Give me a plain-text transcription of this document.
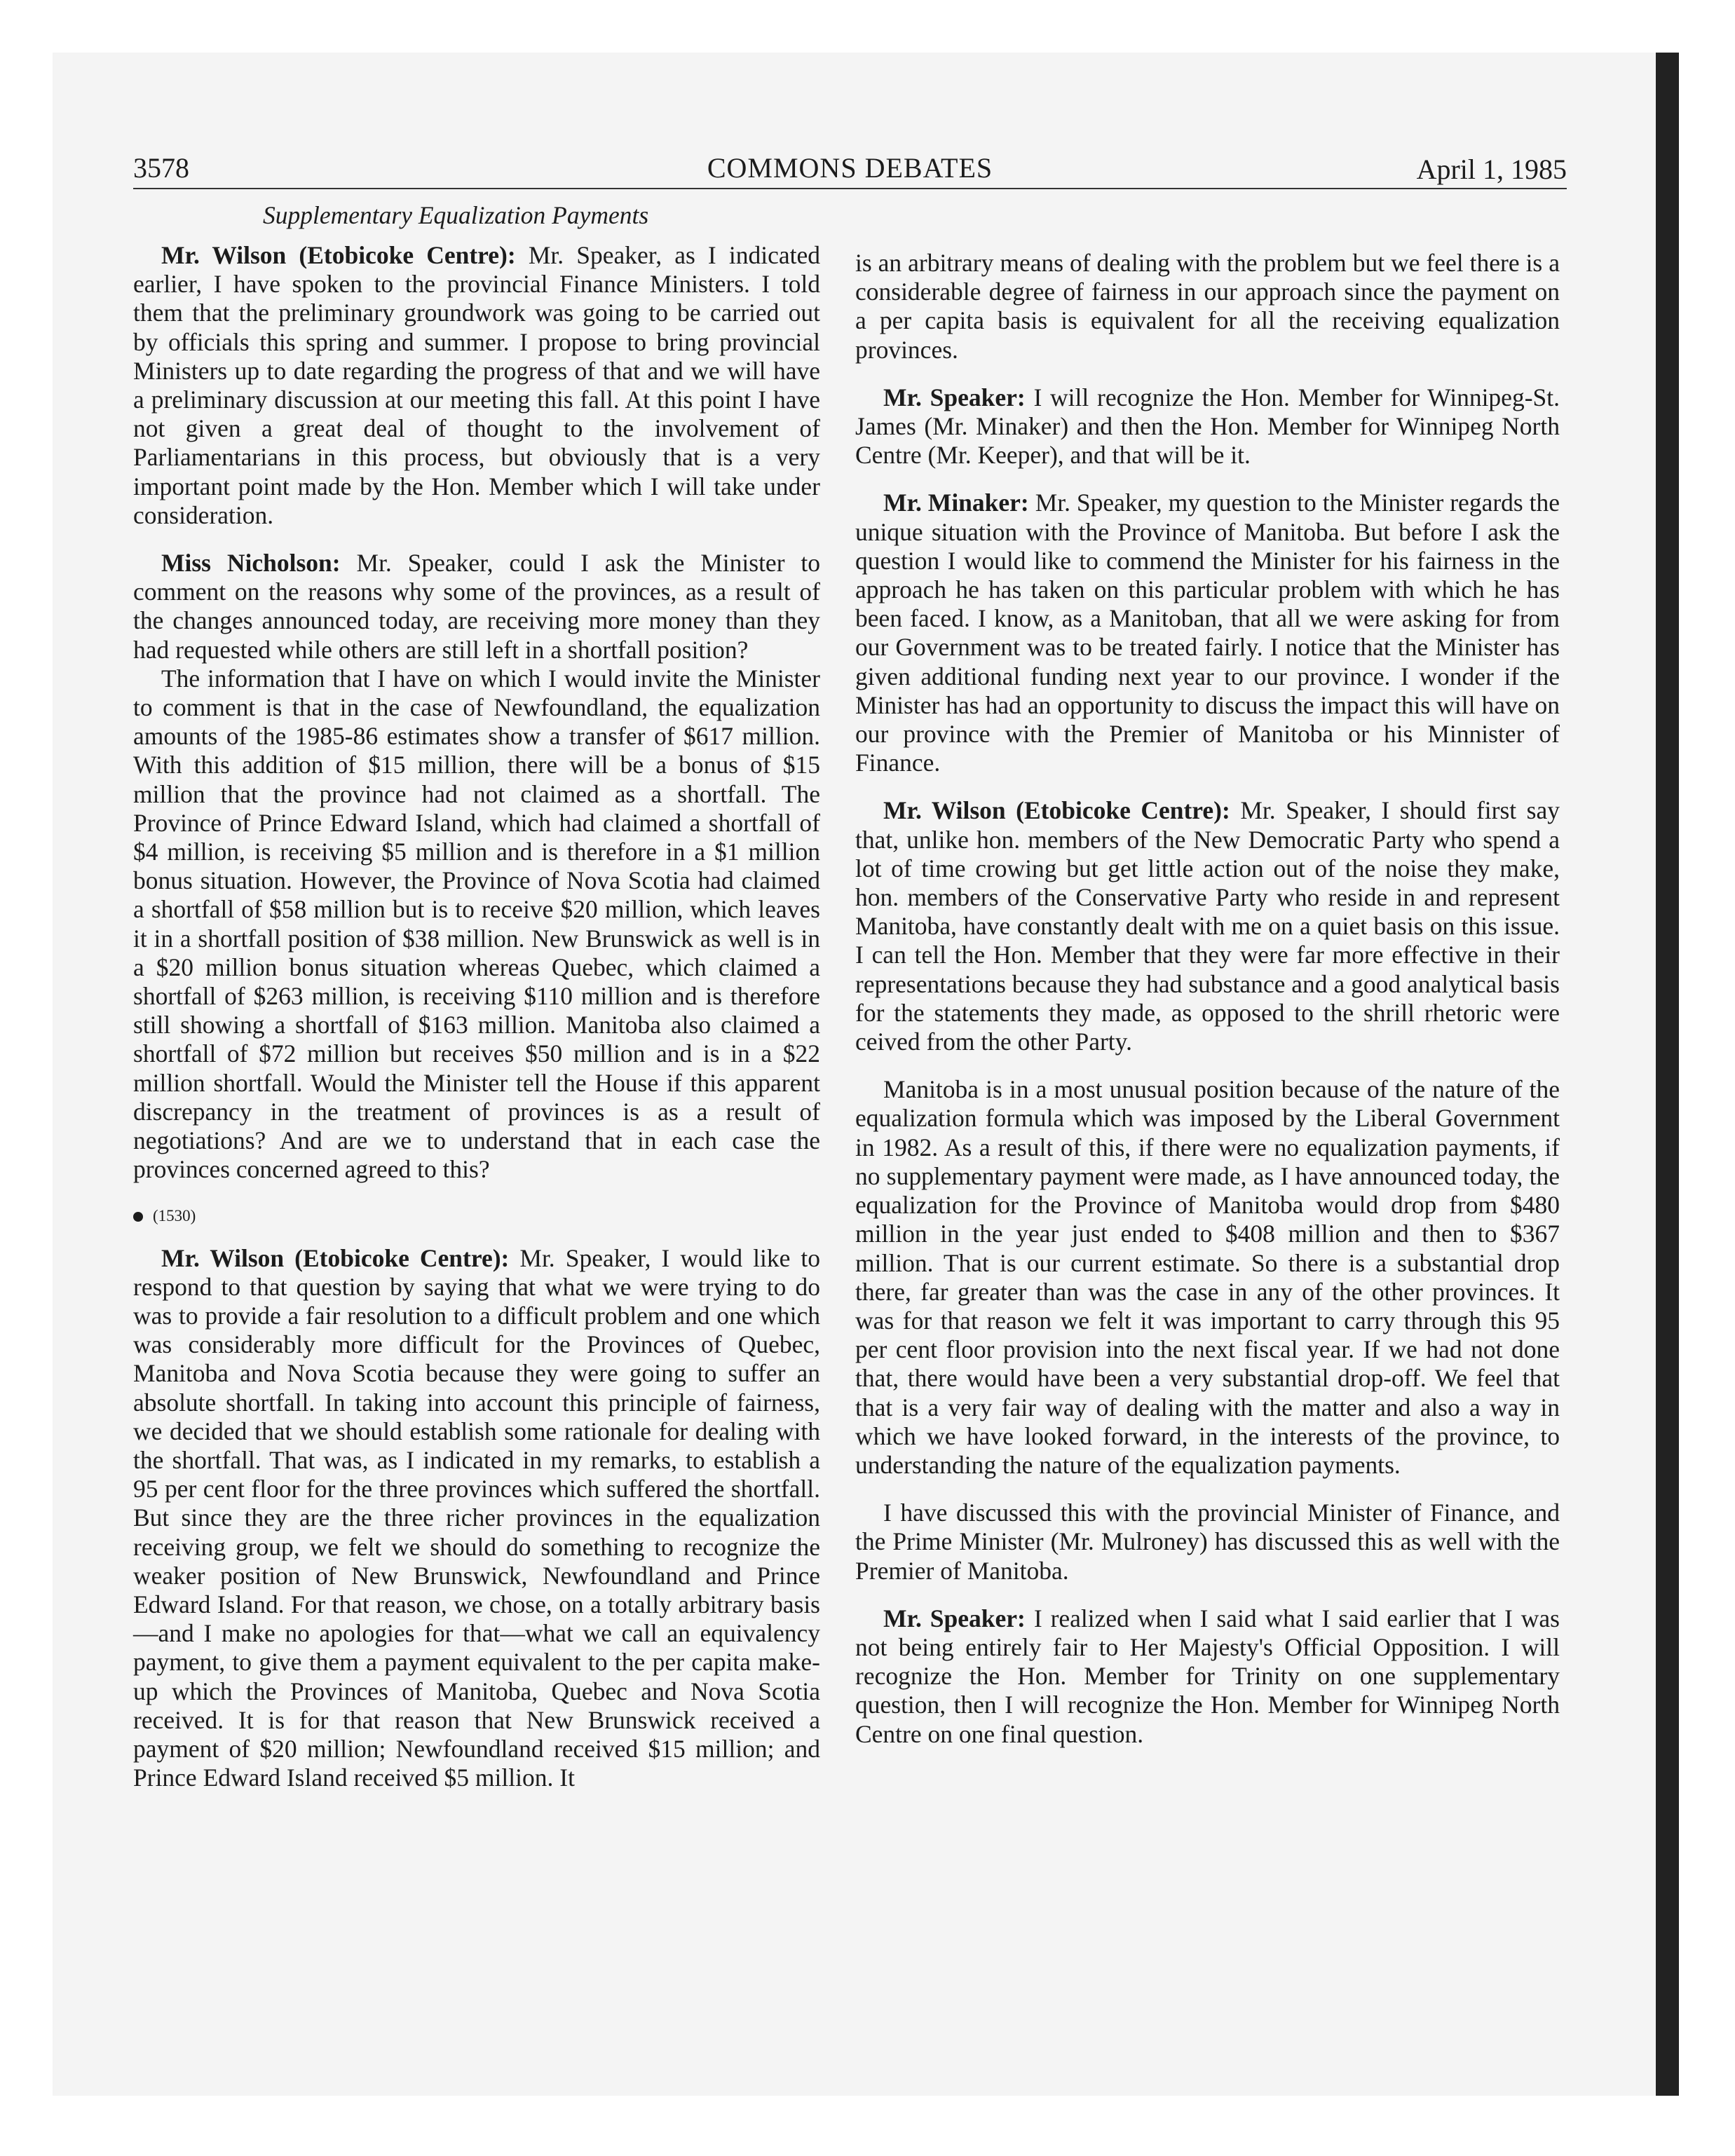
3578	COMMONS DEBATES	April 1, 1985
Supplementary Equalization Payments

Mr. Wilson (Etobicoke Centre): Mr. Speaker, as I indicated earlier, I have spoken to the provincial Finance Ministers. I told them that the preliminary groundwork was going to be carried out by officials this spring and summer. I propose to bring provincial Ministers up to date regarding the progress of that and we will have a preliminary discussion at our meeting this fall. At this point I have not given a great deal of thought to the involvement of Parliamentarians in this process, but obviously that is a very important point made by the Hon. Member which I will take under consideration.

Miss Nicholson: Mr. Speaker, could I ask the Minister to comment on the reasons why some of the provinces, as a result of the changes announced today, are receiving more money than they had requested while others are still left in a shortfall position?

The information that I have on which I would invite the Minister to comment is that in the case of Newfoundland, the equalization amounts of the 1985-86 estimates show a transfer of $617 million. With this addition of $15 million, there will be a bonus of $15 million that the province had not claimed as a shortfall. The Province of Prince Edward Island, which had claimed a shortfall of $4 million, is receiving $5 million and is therefore in a $1 million bonus situation. However, the Province of Nova Scotia had claimed a shortfall of $58 million but is to receive $20 million, which leaves it in a shortfall position of $38 million. New Brunswick as well is in a $20 million bonus situation whereas Quebec, which claimed a shortfall of $263 million, is receiving $110 million and is therefore still showing a shortfall of $163 million. Manitoba also claimed a shortfall of $72 million but receives $50 million and is in a $22 million shortfall. Would the Minister tell the House if this apparent discrepancy in the treatment of provinces is as a result of negotiations? And are we to understand that in each case the provinces concerned agreed to this?

(1530)

Mr. Wilson (Etobicoke Centre): Mr. Speaker, I would like to respond to that question by saying that what we were trying to do was to provide a fair resolution to a difficult problem and one which was considerably more difficult for the Provinces of Quebec, Manitoba and Nova Scotia because they were going to suffer an absolute shortfall. In taking into account this principle of fairness, we decided that we should establish some rationale for dealing with the shortfall. That was, as I indicated in my remarks, to establish a 95 per cent floor for the three provinces which suffered the shortfall. But since they are the three richer provinces in the equalization receiving group, we felt we should do something to recognize the weaker position of New Brunswick, Newfoundland and Prince Edward Island. For that reason, we chose, on a totally arbitrary basis—and I make no apologies for that—what we call an equivalency payment, to give them a payment equivalent to the per capita make-up which the Provinces of Manitoba, Quebec and Nova Scotia received. It is for that reason that New Brunswick received a payment of $20 million; Newfoundland received $15 million; and Prince Edward Island received $5 million. It

is an arbitrary means of dealing with the problem but we feel there is a considerable degree of fairness in our approach since the payment on a per capita basis is equivalent for all the receiving equalization provinces.

Mr. Speaker: I will recognize the Hon. Member for Winnipeg-St. James (Mr. Minaker) and then the Hon. Member for Winnipeg North Centre (Mr. Keeper), and that will be it.

Mr. Minaker: Mr. Speaker, my question to the Minister regards the unique situation with the Province of Manitoba. But before I ask the question I would like to commend the Minister for his fairness in the approach he has taken on this particular problem with which he has been faced. I know, as a Manitoban, that all we were asking for from our Government was to be treated fairly. I notice that the Minister has given additional funding next year to our province. I wonder if the Minister has had an opportunity to discuss the impact this will have on our province with the Premier of Manitoba or his Minnister of Finance.

Mr. Wilson (Etobicoke Centre): Mr. Speaker, I should first say that, unlike hon. members of the New Democratic Party who spend a lot of time crowing but get little action out of the noise they make, hon. members of the Conservative Party who reside in and represent Manitoba, have constantly dealt with me on a quiet basis on this issue. I can tell the Hon. Member that they were far more effective in their representations because they had substance and a good analytical basis for the statements they made, as opposed to the shrill rhetoric were ceived from the other Party.

Manitoba is in a most unusual position because of the nature of the equalization formula which was imposed by the Liberal Government in 1982. As a result of this, if there were no equalization payments, if no supplementary payment were made, as I have announced today, the equalization for the Province of Manitoba would drop from $480 million in the year just ended to $408 million and then to $367 million. That is our current estimate. So there is a substantial drop there, far greater than was the case in any of the other provinces. It was for that reason we felt it was important to carry through this 95 per cent floor provision into the next fiscal year. If we had not done that, there would have been a very substantial drop-off. We feel that that is a very fair way of dealing with the matter and also a way in which we have looked forward, in the interests of the province, to understanding the nature of the equalization payments.

I have discussed this with the provincial Minister of Finance, and the Prime Minister (Mr. Mulroney) has discussed this as well with the Premier of Manitoba.

Mr. Speaker: I realized when I said what I said earlier that I was not being entirely fair to Her Majesty's Official Opposition. I will recognize the Hon. Member for Trinity on one supplementary question, then I will recognize the Hon. Member for Winnipeg North Centre on one final question.
